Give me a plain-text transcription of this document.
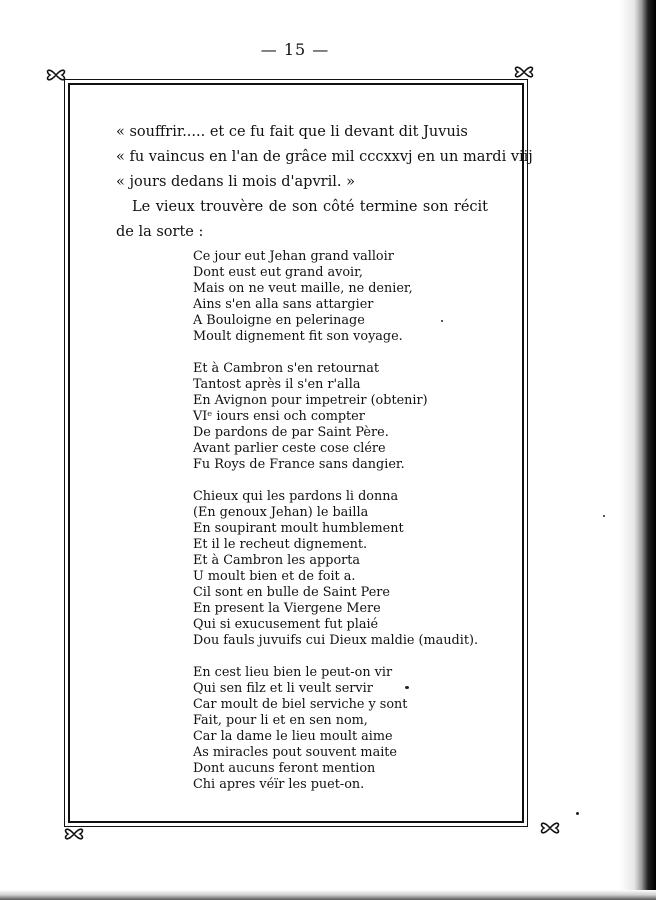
— 15 —

« souffrir..... et ce fu fait que li devant dit Juvuis
« fu vaincus en l'an de grâce mil cccxxvj en un mardi viij
« jours dedans li mois d'apvril. »

Le vieux trouvère de son côté termine son récit de la sorte :

Ce jour eut Jehan grand valloir
Dont eust eut grand avoir,
Mais on ne veut maille, ne denier,
Ains s'en alla sans attargier
A Bouloigne en pelerinage
Moult dignement fit son voyage.
Et à Cambron s'en retournat
Tantost après il s'en r'alla
En Avignon pour impetreir (obtenir)
VIᵉ iours ensi och compter
De pardons de par Saint Père.
Avant parlier ceste cose clére
Fu Roys de France sans dangier.
Chieux qui les pardons li donna
(En genoux Jehan) le bailla
En soupirant moult humblement
Et il le recheut dignement.
Et à Cambron les apporta
U moult bien et de foit a.
Cil sont en bulle de Saint Pere
En present la Viergene Mere
Qui si exucusement fut plaié
Dou fauls juvuifs cui Dieux maldie (maudit).
En cest lieu bien le peut-on vir
Qui sen filz et li veult servir
Car moult de biel serviche y sont
Fait, pour li et en sen nom,
Car la dame le lieu moult aime
As miracles pout souvent maite
Dont aucuns feront mention
Chi apres véïr les puet-on.
